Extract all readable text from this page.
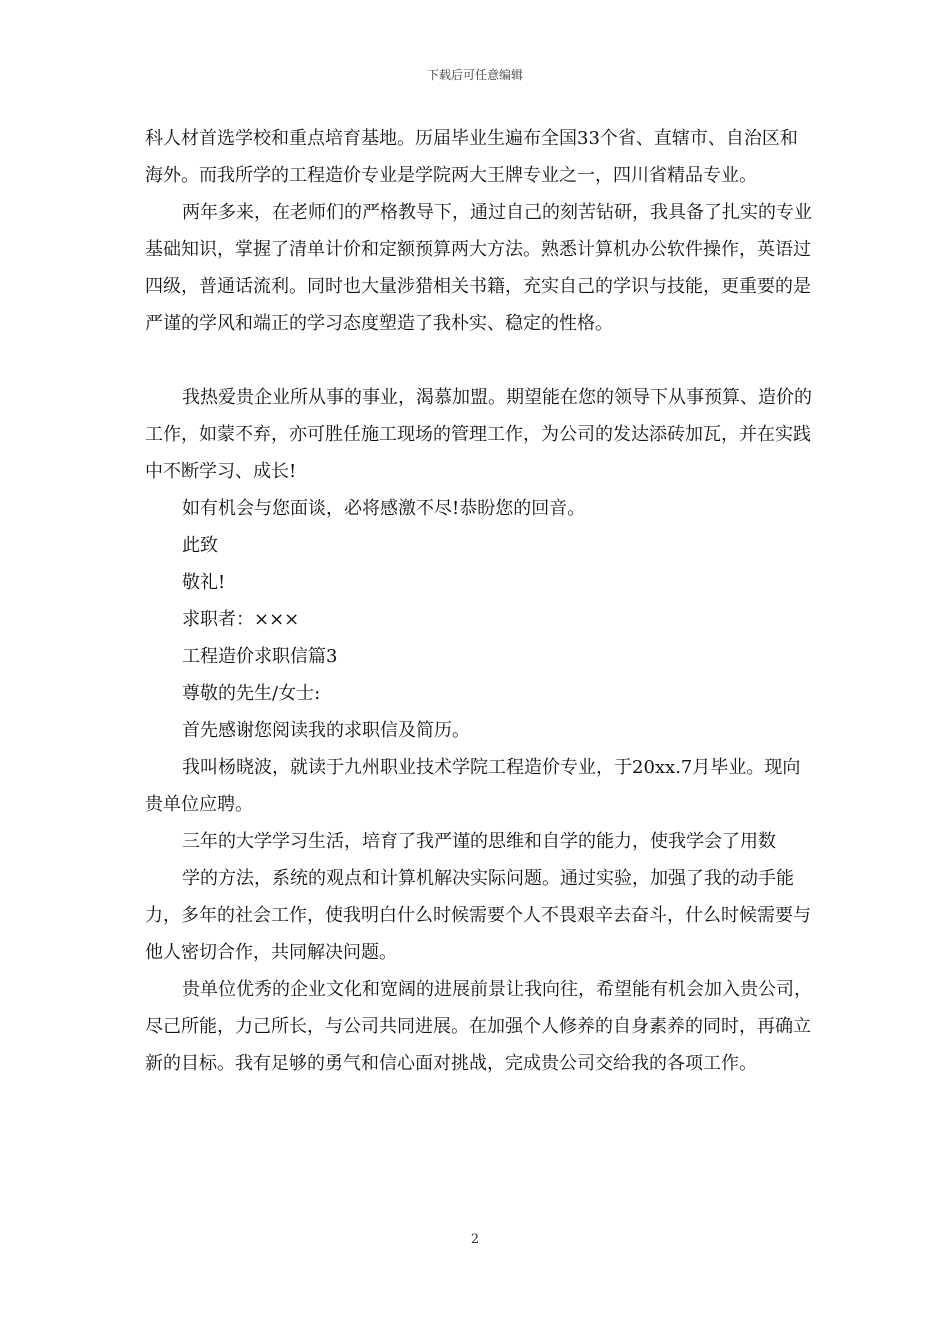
下载后可任意编辑

科人材首选学校和重点培育基地。历届毕业生遍布全国33个省、直辖市、自治区和海外。而我所学的工程造价专业是学院两大王牌专业之一，四川省精品专业。

两年多来，在老师们的严格教导下，通过自己的刻苦钻研，我具备了扎实的专业基础知识，掌握了清单计价和定额预算两大方法。熟悉计算机办公软件操作，英语过四级，普通话流利。同时也大量涉猎相关书籍，充实自己的学识与技能，更重要的是严谨的学风和端正的学习态度塑造了我朴实、稳定的性格。

我热爱贵企业所从事的事业，渴慕加盟。期望能在您的领导下从事预算、造价的工作，如蒙不弃，亦可胜任施工现场的管理工作，为公司的发达添砖加瓦，并在实践中不断学习、成长!

如有机会与您面谈，必将感激不尽!恭盼您的回音。

此致

敬礼!

求职者：×××

工程造价求职信篇3

尊敬的先生/女士:

首先感谢您阅读我的求职信及简历。

我叫杨晓波，就读于九州职业技术学院工程造价专业，于20xx.7月毕业。现向贵单位应聘。

三年的大学学习生活，培育了我严谨的思维和自学的能力，使我学会了用数

学的方法，系统的观点和计算机解决实际问题。通过实验，加强了我的动手能力，多年的社会工作，使我明白什么时候需要个人不畏艰辛去奋斗，什么时候需要与他人密切合作，共同解决问题。

贵单位优秀的企业文化和宽阔的进展前景让我向往，希望能有机会加入贵公司，尽己所能，力己所长，与公司共同进展。在加强个人修养的自身素养的同时，再确立新的目标。我有足够的勇气和信心面对挑战，完成贵公司交给我的各项工作。

2
